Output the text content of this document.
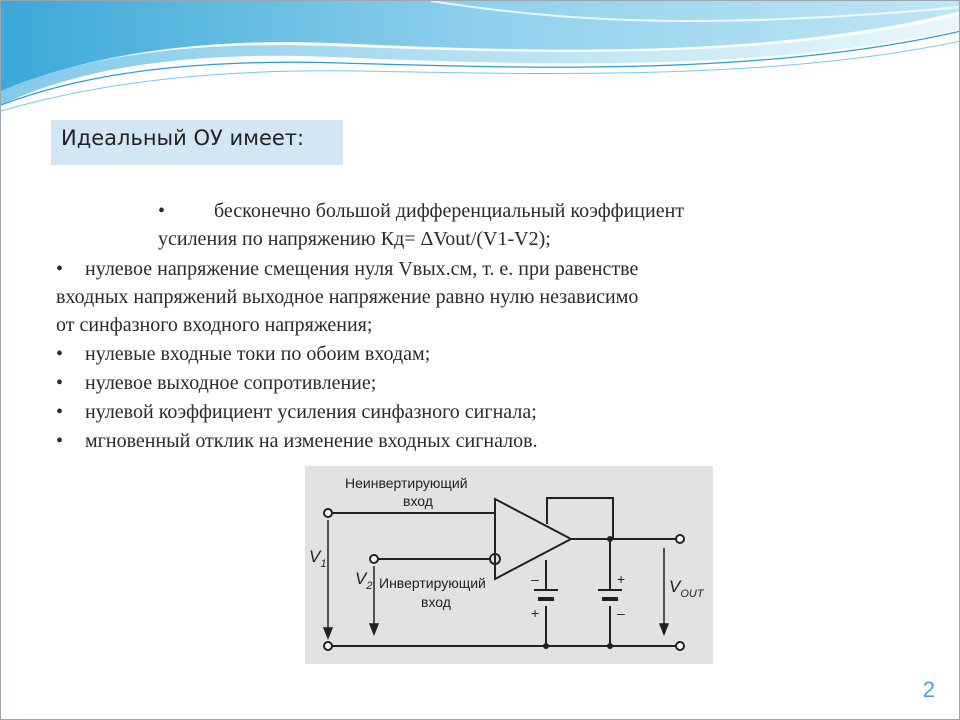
Идеальный ОУ имеет:
• бесконечно большой дифференциальный коэффициент
усиления по напряжению Кд= ΔVout/(V1-V2);
• нулевое напряжение смещения нуля Vвых.см, т. е. при равенстве
входных напряжений выходное напряжение равно нулю независимо
от синфазного входного напряжения;
• нулевые входные токи по обоим входам;
• нулевое выходное сопротивление;
• нулевой коэффициент усиления синфазного сигнала;
• мгновенный отклик на изменение входных сигналов.
Неинвертирующий
вход
Инвертирующий
вход
$V_1$
$V_2$	$V_{OUT}$
–
+
+
–
2
